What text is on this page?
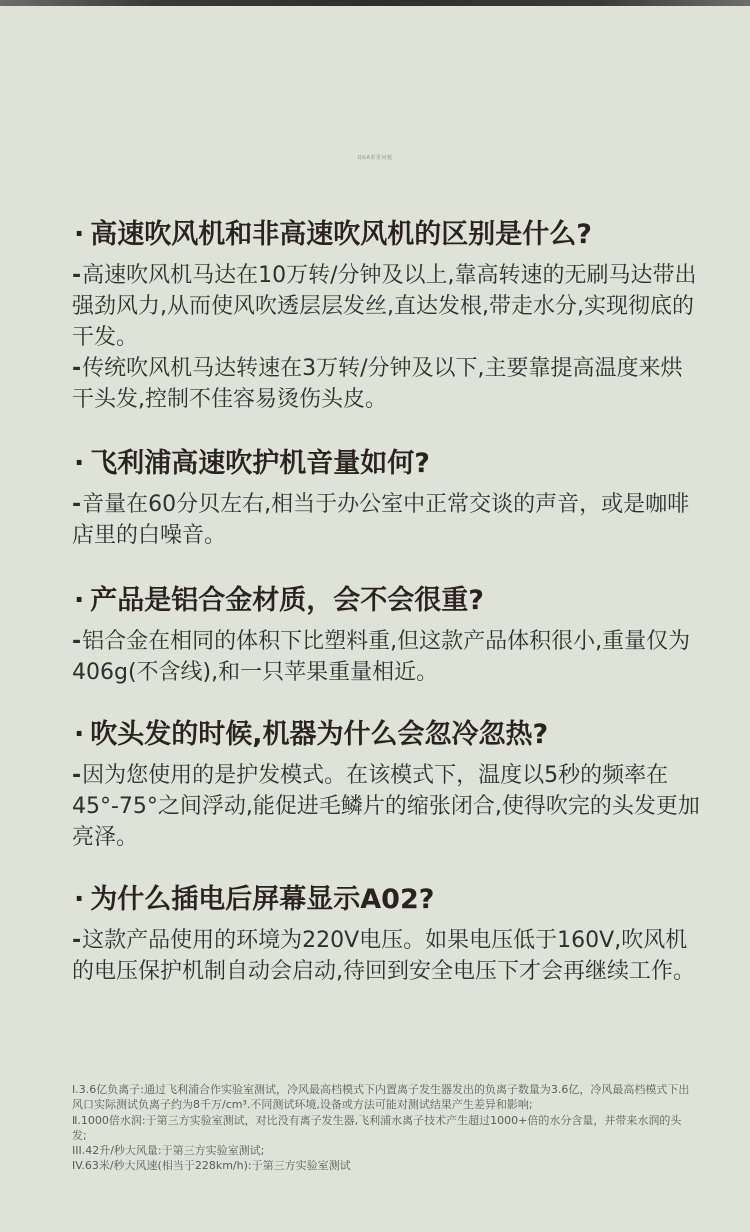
Q&A常见问题
· 高速吹风机和非高速吹风机的区别是什么?

-高速吹风机马达在10万转/分钟及以上,靠高转速的无刷马达带出强劲风力,从而使风吹透层层发丝,直达发根,带走水分,实现彻底的干发。

-传统吹风机马达转速在3万转/分钟及以下,主要靠提高温度来烘干头发,控制不佳容易烫伤头皮。

· 飞利浦高速吹护机音量如何?

-音量在60分贝左右,相当于办公室中正常交谈的声音，或是咖啡店里的白噪音。

· 产品是铝合金材质，会不会很重?

-铝合金在相同的体积下比塑料重,但这款产品体积很小,重量仅为406g(不含线),和一只苹果重量相近。

· 吹头发的时候,机器为什么会忽冷忽热?

-因为您使用的是护发模式。在该模式下，温度以5秒的频率在45°-75°之间浮动,能促进毛鳞片的缩张闭合,使得吹完的头发更加亮泽。

· 为什么插电后屏幕显示A02?

-这款产品使用的环境为220V电压。如果电压低于160V,吹风机的电压保护机制自动会启动,待回到安全电压下才会再继续工作。

Ⅰ.3.6亿负离子:通过飞利浦合作实验室测试，冷风最高档模式下内置离子发生器发出的负离子数量为3.6亿，冷风最高档模式下出风口实际测试负离子约为8千万/cm³.不同测试环境,设备或方法可能对测试结果产生差异和影响;

Ⅱ.1000倍水润:于第三方实验室测试，对比没有离子发生器,飞利浦水离子技术产生超过1000+倍的水分含量，并带来水润的头发;

III.42升/秒大风量:于第三方实验室测试;

IV.63米/秒大风速(相当于228km/h):于第三方实验室测试
